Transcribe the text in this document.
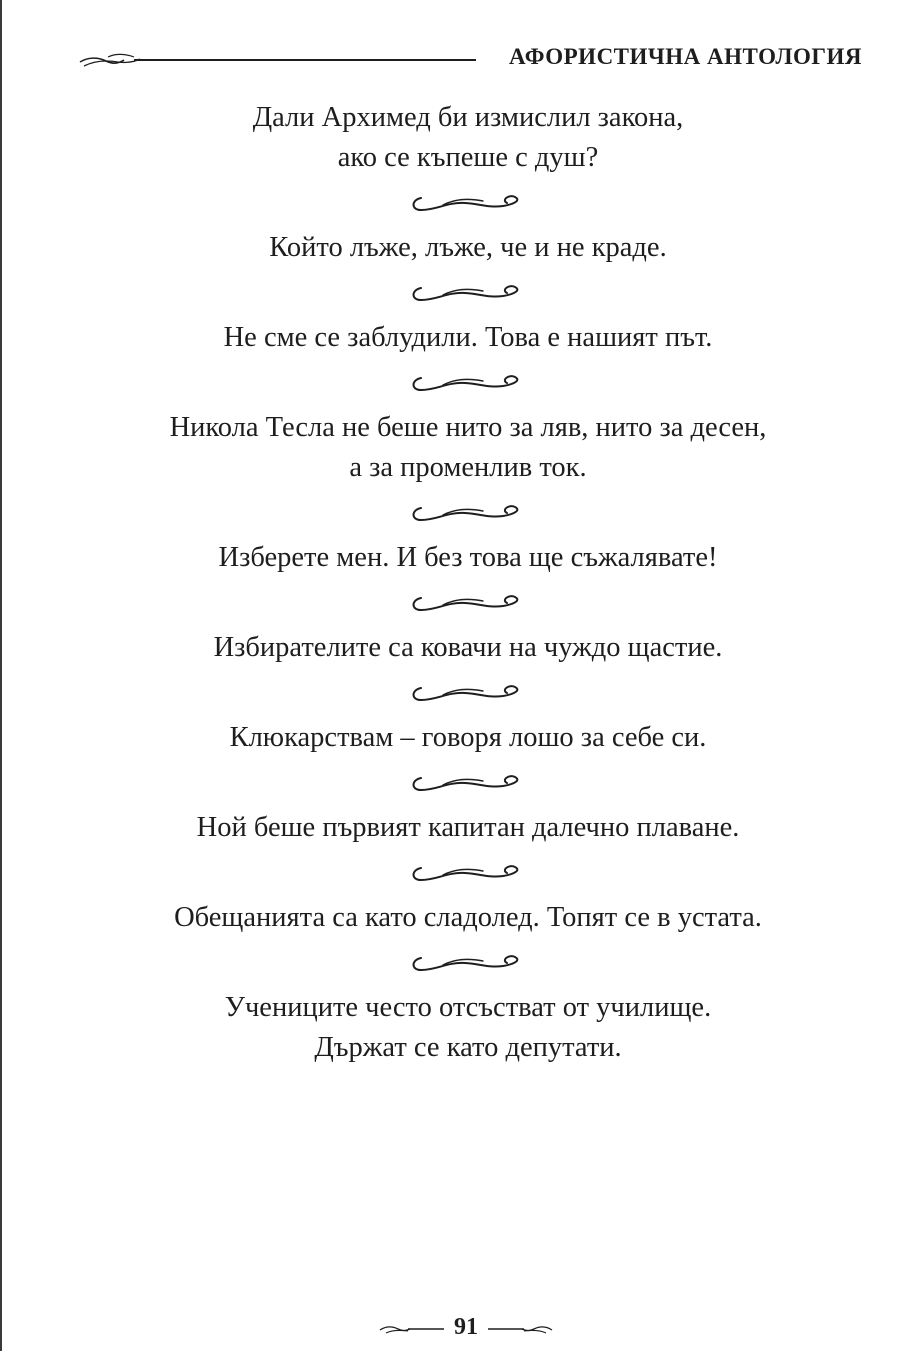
АФОРИСТИЧНА АНТОЛОГИЯ

Дали Архимед би измислил закона,

ако се къпеше с душ?

Който лъже, лъже, че и не краде.

Не сме се заблудили. Това е нашият път.

Никола Тесла не беше нито за ляв, нито за десен,

а за променлив ток.

Изберете мен. И без това ще съжалявате!

Избирателите са ковачи на чуждо щастие.

Клюкарствам – говоря лошо за себе си.

Ной беше първият капитан далечно плаване.

Обещанията са като сладолед. Топят се в устата.

Учениците често отсъстват от училище.

Държат се като депутати.

91
